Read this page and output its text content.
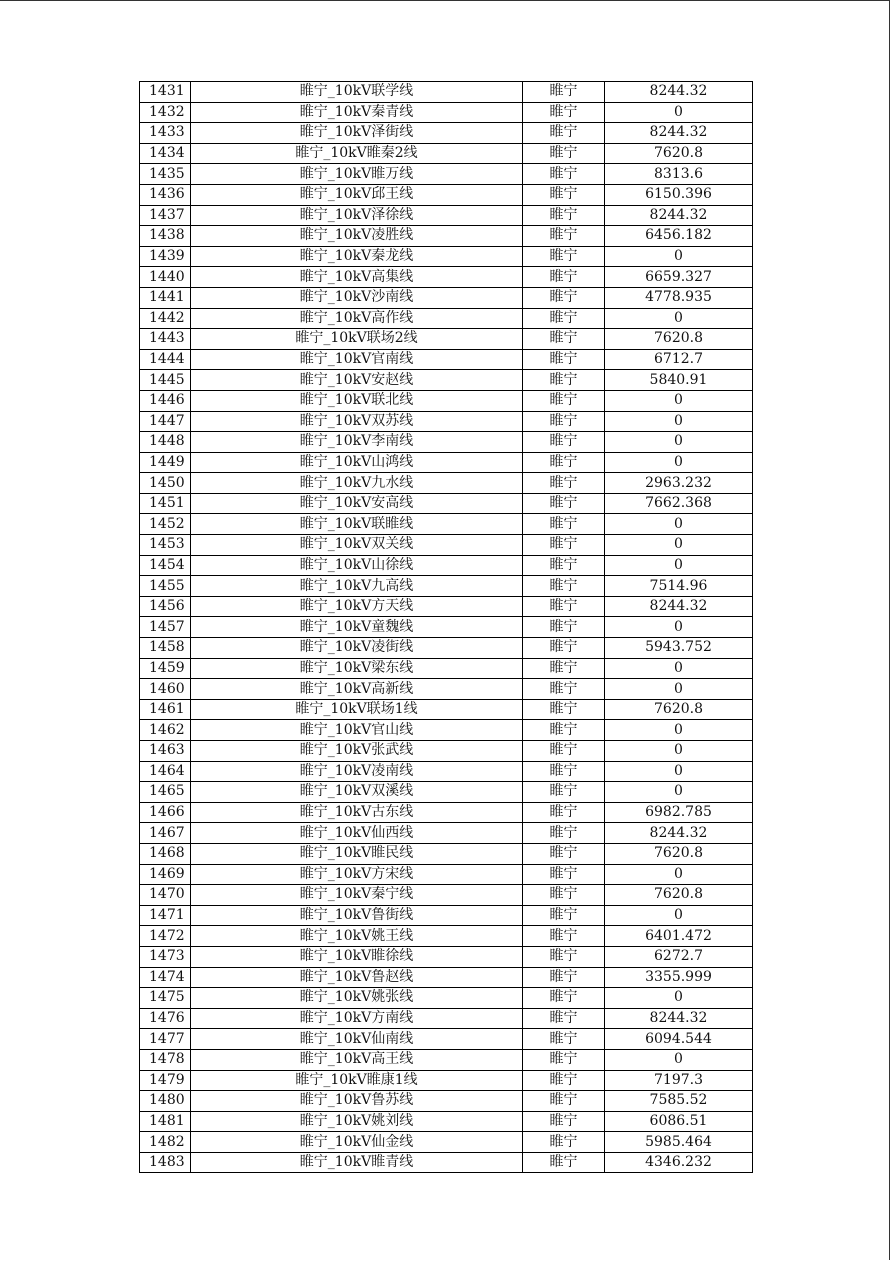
1431	睢宁_10kV联学线	睢宁	8244.32
1432	睢宁_10kV秦青线	睢宁	0
1433	睢宁_10kV泽街线	睢宁	8244.32
1434	睢宁_10kV睢秦2线	睢宁	7620.8
1435	睢宁_10kV睢万线	睢宁	8313.6
1436	睢宁_10kV邱王线	睢宁	6150.396
1437	睢宁_10kV泽徐线	睢宁	8244.32
1438	睢宁_10kV凌胜线	睢宁	6456.182
1439	睢宁_10kV秦龙线	睢宁	0
1440	睢宁_10kV高集线	睢宁	6659.327
1441	睢宁_10kV沙南线	睢宁	4778.935
1442	睢宁_10kV高作线	睢宁	0
1443	睢宁_10kV联场2线	睢宁	7620.8
1444	睢宁_10kV官南线	睢宁	6712.7
1445	睢宁_10kV安赵线	睢宁	5840.91
1446	睢宁_10kV联北线	睢宁	0
1447	睢宁_10kV双苏线	睢宁	0
1448	睢宁_10kV李南线	睢宁	0
1449	睢宁_10kV山鸿线	睢宁	0
1450	睢宁_10kV九水线	睢宁	2963.232
1451	睢宁_10kV安高线	睢宁	7662.368
1452	睢宁_10kV联睢线	睢宁	0
1453	睢宁_10kV双关线	睢宁	0
1454	睢宁_10kV山徐线	睢宁	0
1455	睢宁_10kV九高线	睢宁	7514.96
1456	睢宁_10kV方天线	睢宁	8244.32
1457	睢宁_10kV童魏线	睢宁	0
1458	睢宁_10kV凌街线	睢宁	5943.752
1459	睢宁_10kV梁东线	睢宁	0
1460	睢宁_10kV高新线	睢宁	0
1461	睢宁_10kV联场1线	睢宁	7620.8
1462	睢宁_10kV官山线	睢宁	0
1463	睢宁_10kV张武线	睢宁	0
1464	睢宁_10kV凌南线	睢宁	0
1465	睢宁_10kV双溪线	睢宁	0
1466	睢宁_10kV古东线	睢宁	6982.785
1467	睢宁_10kV仙西线	睢宁	8244.32
1468	睢宁_10kV睢民线	睢宁	7620.8
1469	睢宁_10kV方宋线	睢宁	0
1470	睢宁_10kV秦宁线	睢宁	7620.8
1471	睢宁_10kV鲁街线	睢宁	0
1472	睢宁_10kV姚王线	睢宁	6401.472
1473	睢宁_10kV睢徐线	睢宁	6272.7
1474	睢宁_10kV鲁赵线	睢宁	3355.999
1475	睢宁_10kV姚张线	睢宁	0
1476	睢宁_10kV方南线	睢宁	8244.32
1477	睢宁_10kV仙南线	睢宁	6094.544
1478	睢宁_10kV高王线	睢宁	0
1479	睢宁_10kV睢康1线	睢宁	7197.3
1480	睢宁_10kV鲁苏线	睢宁	7585.52
1481	睢宁_10kV姚刘线	睢宁	6086.51
1482	睢宁_10kV仙金线	睢宁	5985.464
1483	睢宁_10kV睢青线	睢宁	4346.232
